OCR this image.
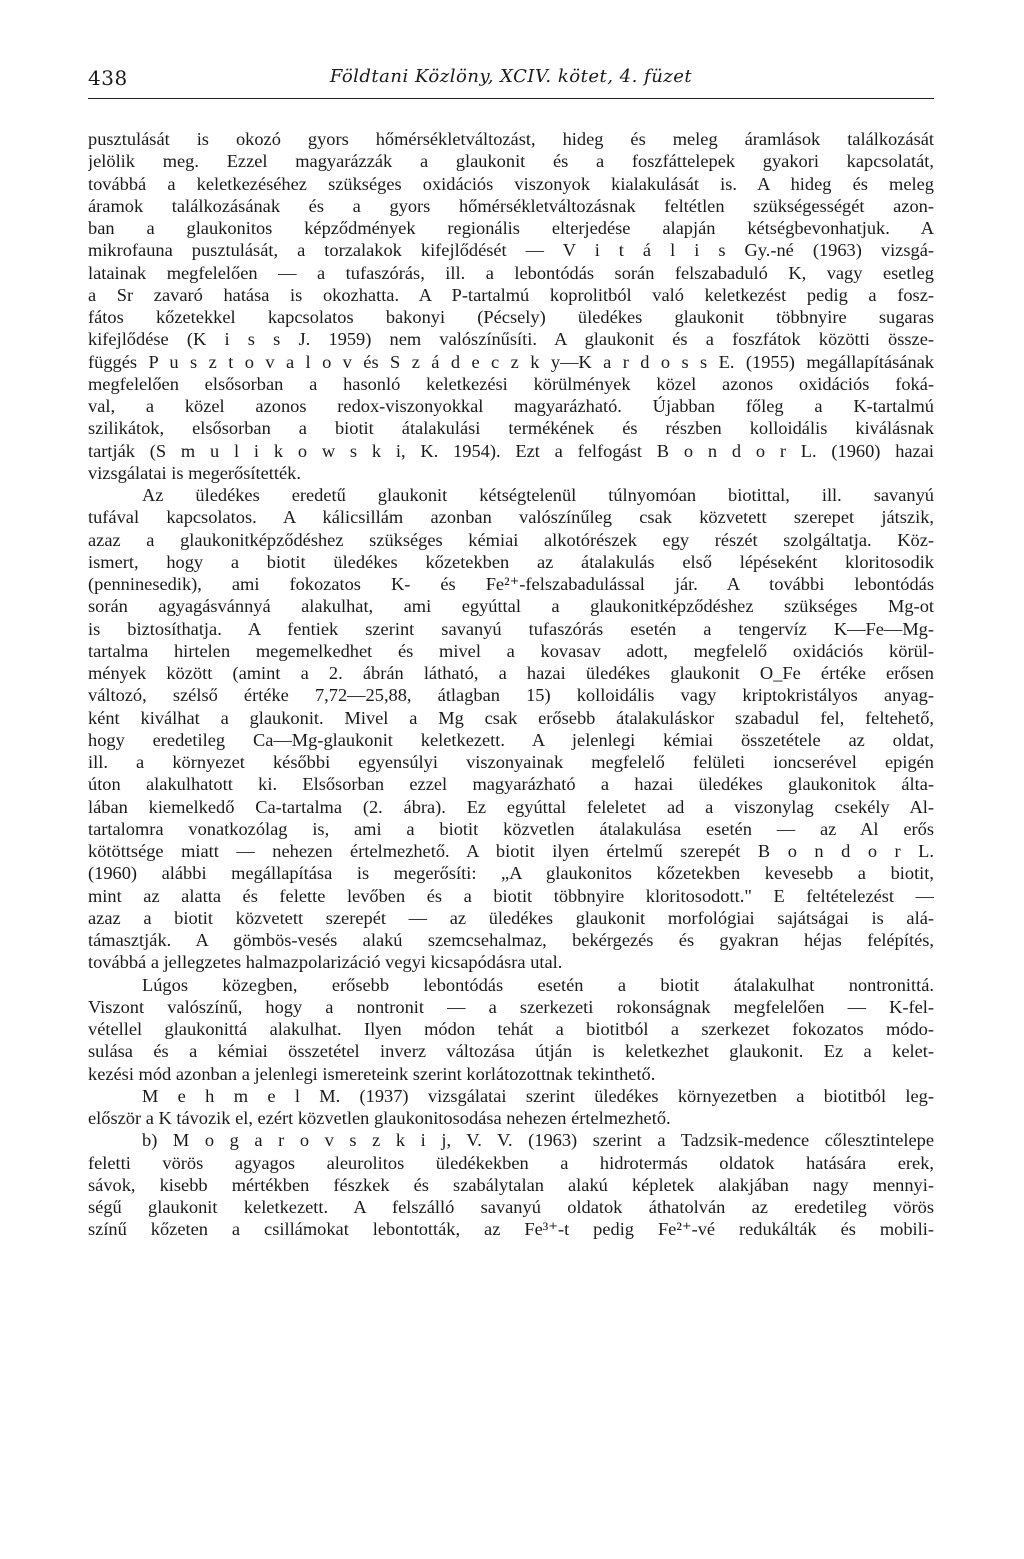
438	Földtani Közlöny, XCIV. kötet, 4. füzet
pusztulását is okozó gyors hőmérsékletváltozást, hideg és meleg áramlások találkozását
jelölik meg. Ezzel magyarázzák a glaukonit és a foszfáttelepek gyakori kapcsolatát,
továbbá a keletkezéséhez szükséges oxidációs viszonyok kialakulását is. A hideg és meleg
áramok találkozásának és a gyors hőmérsékletváltozásnak feltétlen szükségességét azon-
ban a glaukonitos képződmények regionális elterjedése alapján kétségbevonhatjuk. A
mikrofauna pusztulását, a torzalakok kifejlődését — V i t á l i s Gy.-né (1963) vizsgá-
latainak megfelelően — a tufaszórás, ill. a lebontódás során felszabaduló K, vagy esetleg
a Sr zavaró hatása is okozhatta. A P-tartalmú koprolitból való keletkezést pedig a fosz-
fátos kőzetekkel kapcsolatos bakonyi (Pécsely) üledékes glaukonit többnyire sugaras
kifejlődése (K i s s J. 1959) nem valószínűsíti. A glaukonit és a foszfátok közötti össze-
függés P u s z t o v a l o v és S z á d e c z k y—K a r d o s s E. (1955) megállapításának
megfelelően elsősorban a hasonló keletkezési körülmények közel azonos oxidációs foká-
val, a közel azonos redox-viszonyokkal magyarázható. Újabban főleg a K-tartalmú
szilikátok, elsősorban a biotit átalakulási termékének és részben kolloidális kiválásnak
tartják (S m u l i k o w s k i, K. 1954). Ezt a felfogást B o n d o r L. (1960) hazai
vizsgálatai is megerősítették.
Az üledékes eredetű glaukonit kétségtelenül túlnyomóan biotittal, ill. savanyú
tufával kapcsolatos. A kálicsillám azonban valószínűleg csak közvetett szerepet játszik,
azaz a glaukonitképződéshez szükséges kémiai alkotórészek egy részét szolgáltatja. Köz-
ismert, hogy a biotit üledékes kőzetekben az átalakulás első lépéseként kloritosodik
(penninesedik), ami fokozatos K- és Fe²⁺-felszabadulással jár. A további lebontódás
során agyagásvánnyá alakulhat, ami egyúttal a glaukonitképződéshez szükséges Mg-ot
is biztosíthatja. A fentiek szerint savanyú tufaszórás esetén a tengervíz K—Fe—Mg-
tartalma hirtelen megemelkedhet és mivel a kovasav adott, megfelelő oxidációs körül-
mények között (amint a 2. ábrán látható, a hazai üledékes glaukonit O_Fe értéke erősen
változó, szélső értéke 7,72—25,88, átlagban 15) kolloidális vagy kriptokristályos anyag-
ként kiválhat a glaukonit. Mivel a Mg csak erősebb átalakuláskor szabadul fel, feltehető,
hogy eredetileg Ca—Mg-glaukonit keletkezett. A jelenlegi kémiai összetétele az oldat,
ill. a környezet későbbi egyensúlyi viszonyainak megfelelő felületi ioncserével epigén
úton alakulhatott ki. Elsősorban ezzel magyarázható a hazai üledékes glaukonitok álta-
lában kiemelkedő Ca-tartalma (2. ábra). Ez egyúttal feleletet ad a viszonylag csekély Al-
tartalomra vonatkozólag is, ami a biotit közvetlen átalakulása esetén — az Al erős
kötöttsége miatt — nehezen értelmezhető. A biotit ilyen értelmű szerepét B o n d o r L.
(1960) alábbi megállapítása is megerősíti: „A glaukonitos kőzetekben kevesebb a biotit,
mint az alatta és felette levőben és a biotit többnyire kloritosodott." E feltételezést —
azaz a biotit közvetett szerepét — az üledékes glaukonit morfológiai sajátságai is alá-
támasztják. A gömbös-vesés alakú szemcsehalmaz, bekérgezés és gyakran héjas felépítés,
továbbá a jellegzetes halmazpolarizáció vegyi kicsapódásra utal.
Lúgos közegben, erősebb lebontódás esetén a biotit átalakulhat nontronittá.
Viszont valószínű, hogy a nontronit — a szerkezeti rokonságnak megfelelően — K-fel-
vétellel glaukonittá alakulhat. Ilyen módon tehát a biotitból a szerkezet fokozatos módo-
sulása és a kémiai összetétel inverz változása útján is keletkezhet glaukonit. Ez a kelet-
kezési mód azonban a jelenlegi ismereteink szerint korlátozottnak tekinthető.
M e h m e l M. (1937) vizsgálatai szerint üledékes környezetben a biotitból leg-
először a K távozik el, ezért közvetlen glaukonitosodása nehezen értelmezhető.
b) M o g a r o v s z k i j, V. V. (1963) szerint a Tadzsik-medence cőlesztintelepe
feletti vörös agyagos aleurolitos üledékekben a hidrotermás oldatok hatására erek,
sávok, kisebb mértékben fészkek és szabálytalan alakú képletek alakjában nagy mennyi-
ségű glaukonit keletkezett. A felszálló savanyú oldatok áthatolván az eredetileg vörös
színű kőzeten a csillámokat lebontották, az Fe³⁺-t pedig Fe²⁺-vé redukálták és mobili-
